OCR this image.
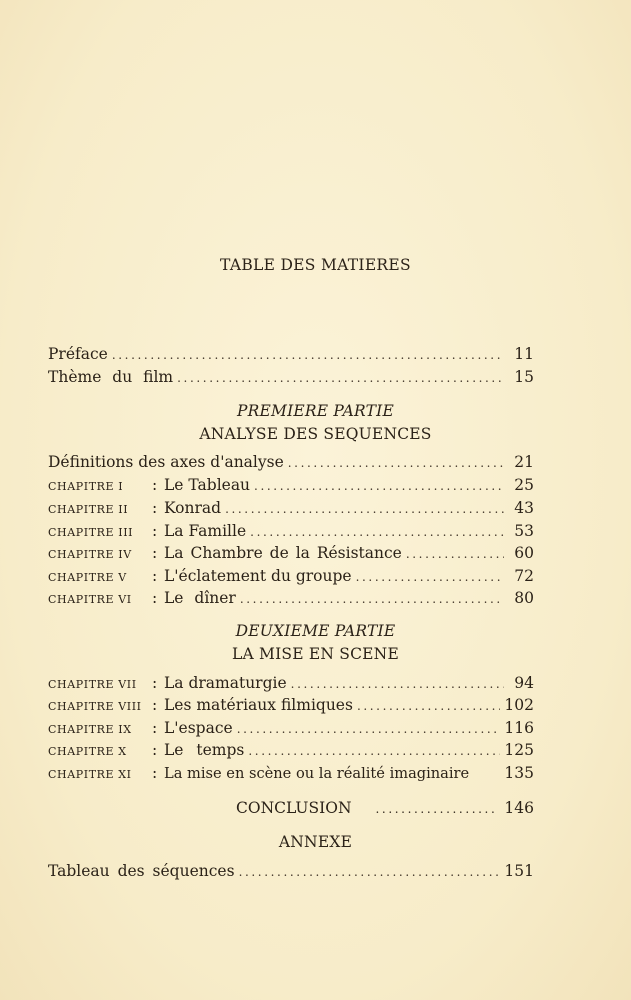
TABLE DES MATIERES
Préface .....	11
Thème du film .....	15
PREMIERE PARTIE
ANALYSE DES SEQUENCES
Définitions des axes d'analyse .....	21
CHAPITRE I	: Le Tableau .....	25
CHAPITRE II	: Konrad .....	43
CHAPITRE III	: La Famille .....	53
CHAPITRE IV	: La Chambre de la Résistance .....	60
CHAPITRE V	: L'éclatement du groupe .....	72
CHAPITRE VI	: Le dîner .....	80
DEUXIEME PARTIE
LA MISE EN SCENE
CHAPITRE VII : La dramaturgie .....	94
CHAPITRE VIII : Les matériaux filmiques .....	102
CHAPITRE IX	: L'espace .....	116
CHAPITRE X	: Le temps .....	125
CHAPITRE XI	: La mise en scène ou la réalité imaginaire 135
CONCLUSION .....	146
ANNEXE
Tableau des séquences .....	151
